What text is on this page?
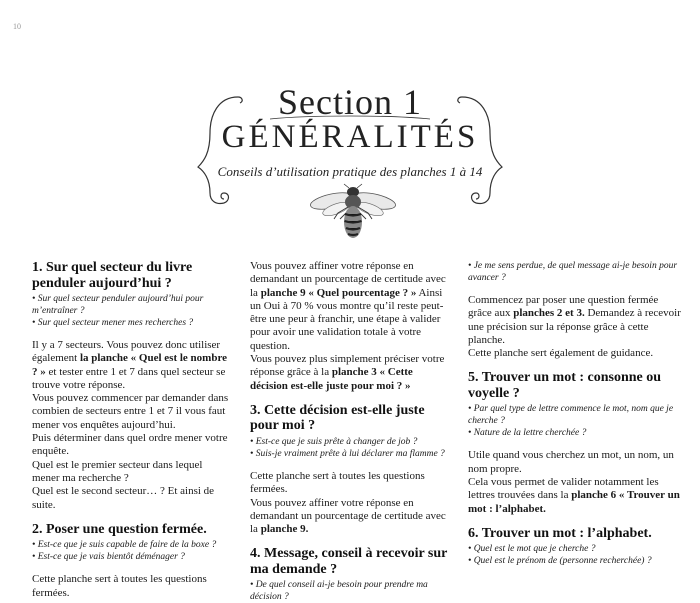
10
Section 1
GÉNÉRALITÉS
Conseils d’utilisation pratique des planches 1 à 14
1. Sur quel secteur du livre penduler aujourd’hui ?

• Sur quel secteur penduler aujourd’hui pour m’entraîner ?

• Sur quel secteur mener mes recherches ?

Il y a 7 secteurs. Vous pouvez donc utiliser également la planche « Quel est le nombre ? » et tester entre 1 et 7 dans quel secteur se trouve votre réponse.

Vous pouvez commencer par demander dans combien de secteurs entre 1 et 7 il vous faut mener vos enquêtes aujourd’hui.

Puis déterminer dans quel ordre mener votre enquête.

Quel est le premier secteur dans lequel mener ma recherche ?

Quel est le second secteur… ? Et ainsi de suite.

2. Poser une question fermée.

• Est-ce que je suis capable de faire de la boxe ?

• Est-ce que je vais bientôt déménager ?

Cette planche sert à toutes les questions fermées.

Vous pouvez affiner votre réponse en demandant un pourcentage de certitude avec la planche 9 « Quel pourcentage ? » Ainsi un Oui à 70 % vous montre qu’il reste peut-être une peur à franchir, une étape à valider pour avoir une validation totale à votre question.

Vous pouvez plus simplement préciser votre réponse grâce à la planche 3 « Cette décision est-elle juste pour moi ? »

3. Cette décision est-elle juste pour moi ?

• Est-ce que je suis prête à changer de job ?

• Suis-je vraiment prête à lui déclarer ma flamme ?

Cette planche sert à toutes les questions fermées.

Vous pouvez affiner votre réponse en demandant un pourcentage de certitude avec la planche 9.

4. Message, conseil à recevoir sur ma demande ?

• De quel conseil ai-je besoin pour prendre ma décision ?

• Je me sens perdue, de quel message ai-je besoin pour avancer ?

Commencez par poser une question fermée grâce aux planches 2 et 3. Demandez à recevoir une précision sur la réponse grâce à cette planche.

Cette planche sert également de guidance.

5. Trouver un mot : consonne ou voyelle ?

• Par quel type de lettre commence le mot, nom que je cherche ?

• Nature de la lettre cherchée ?

Utile quand vous cherchez un mot, un nom, un nom propre.

Cela vous permet de valider notamment les lettres trouvées dans la planche 6 « Trouver un mot : l’alphabet.

6. Trouver un mot : l’alphabet.

• Quel est le mot que je cherche ?

• Quel est le prénom de (personne recherchée) ?
